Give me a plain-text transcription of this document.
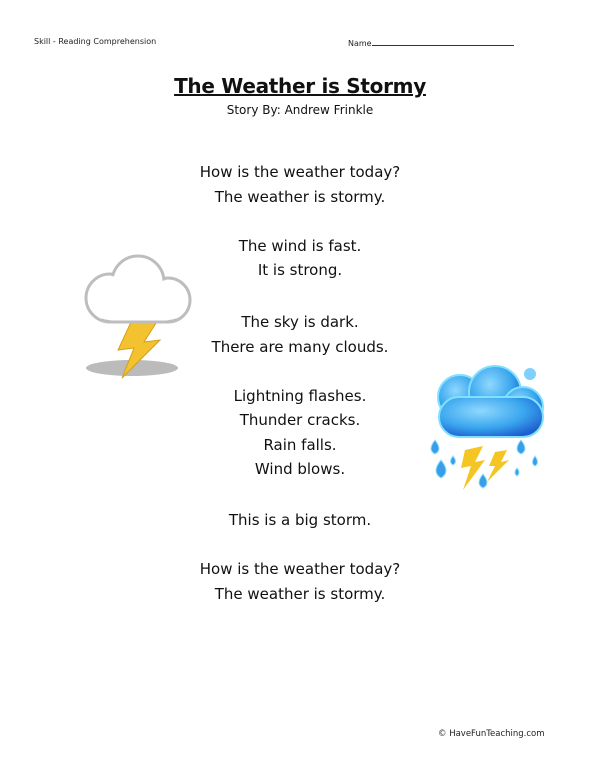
Skill - Reading Comprehension	Name
The Weather is Stormy
Story By: Andrew Frinkle
How is the weather today?
The weather is stormy.
The wind is fast.
It is strong.
The sky is dark.
There are many clouds.
Lightning flashes.
Thunder cracks.
Rain falls.
Wind blows.
This is a big storm.
How is the weather today?
The weather is stormy.
© HaveFunTeaching.com
